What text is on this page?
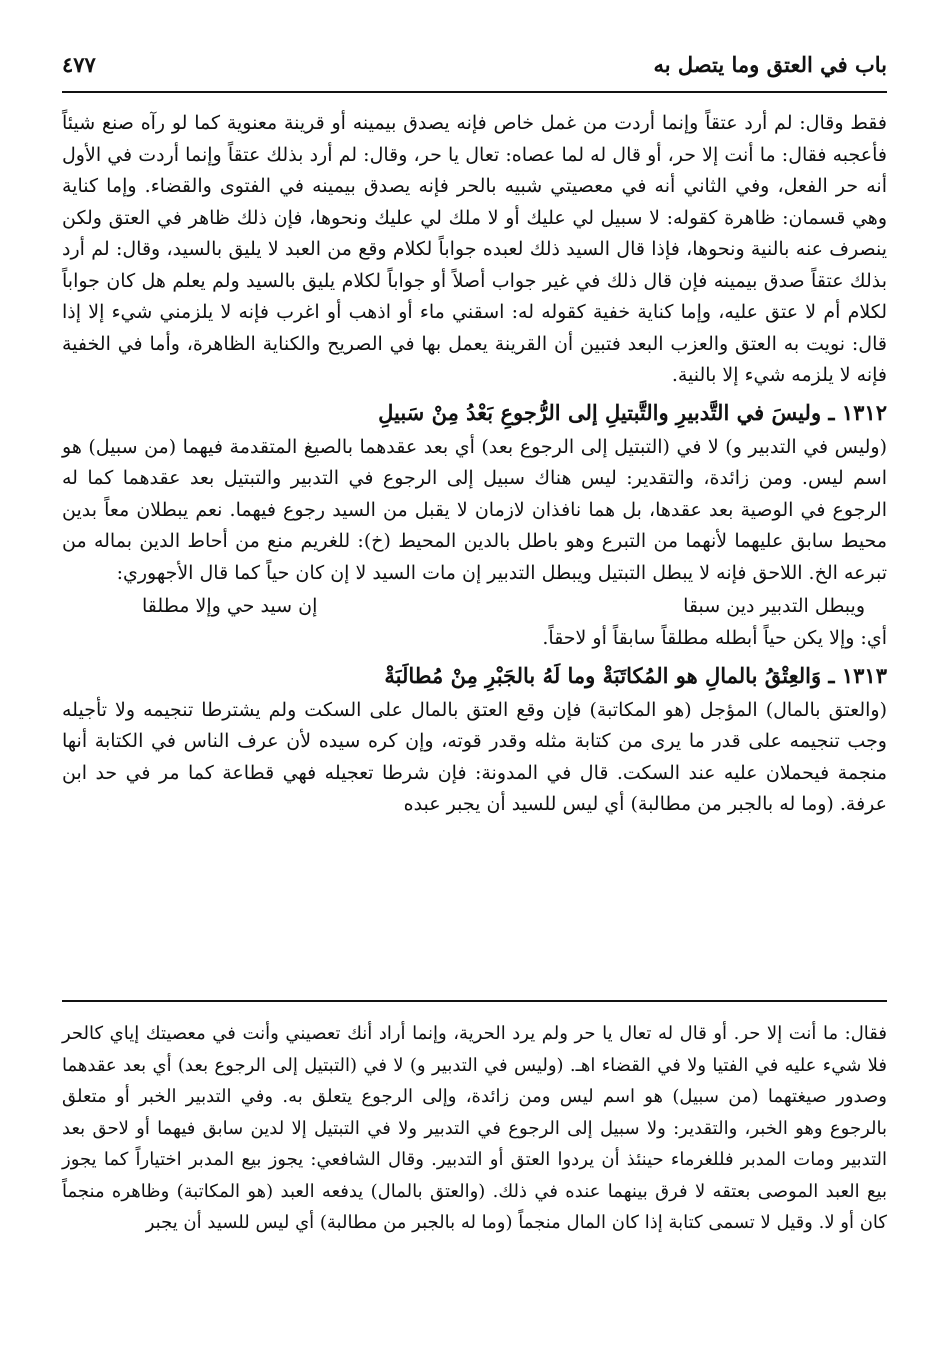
باب في العتق وما يتصل به
٤٧٧

فقط وقال: لم أرد عتقاً وإنما أردت من غمل خاص فإنه يصدق بيمينه أو قرينة معنوية كما لو رآه صنع شيئاً فأعجبه فقال: ما أنت إلا حر، أو قال له لما عصاه: تعال يا حر، وقال: لم أرد بذلك عتقاً وإنما أردت في الأول أنه حر الفعل، وفي الثاني أنه في معصيتي شبيه بالحر فإنه يصدق بيمينه في الفتوى والقضاء. وإما كناية وهي قسمان: ظاهرة كقوله: لا سبيل لي عليك أو لا ملك لي عليك ونحوها، فإن ذلك ظاهر في العتق ولكن ينصرف عنه بالنية ونحوها، فإذا قال السيد ذلك لعبده جواباً لكلام وقع من العبد لا يليق بالسيد، وقال: لم أرد بذلك عتقاً صدق بيمينه فإن قال ذلك في غير جواب أصلاً أو جواباً لكلام يليق بالسيد ولم يعلم هل كان جواباً لكلام أم لا عتق عليه، وإما كناية خفية كقوله له: اسقني ماء أو اذهب أو اغرب فإنه لا يلزمني شيء إلا إذا قال: نويت به العتق والعزب البعد فتبين أن القرينة يعمل بها في الصريح والكناية الظاهرة، وأما في الخفية فإنه لا يلزمه شيء إلا بالنية.

١٣١٢ ـ وليسَ في التَّدبيرِ والتَّبتيلِ إلى الرُّجوعِ بَعْدُ مِنْ سَبيلِ

(وليس في التدبير و) لا في (التبتيل إلى الرجوع بعد) أي بعد عقدهما بالصيغ المتقدمة فيهما (من سبيل) هو اسم ليس. ومن زائدة، والتقدير: ليس هناك سبيل إلى الرجوع في التدبير والتبتيل بعد عقدهما كما له الرجوع في الوصية بعد عقدها، بل هما نافذان لازمان لا يقبل من السيد رجوع فيهما. نعم يبطلان معاً بدين محيط سابق عليهما لأنهما من التبرع وهو باطل بالدين المحيط (خ): للغريم منع من أحاط الدين بماله من تبرعه الخ. اللاحق فإنه لا يبطل التبتيل ويبطل التدبير إن مات السيد لا إن كان حياً كما قال الأجهوري:

ويبطل التدبير دين سبقا
إن سيد حي وإلا مطلقا

أي: وإلا يكن حياً أبطله مطلقاً سابقاً أو لاحقاً.

١٣١٣ ـ وَالعِتْقُ بالمالِ هو المُكاتَبَةْ وما لَهُ بالجَبْرِ مِنْ مُطالَبَةْ

(والعتق بالمال) المؤجل (هو المكاتبة) فإن وقع العتق بالمال على السكت ولم يشترطا تنجيمه ولا تأجيله وجب تنجيمه على قدر ما يرى من كتابة مثله وقدر قوته، وإن كره سيده لأن عرف الناس في الكتابة أنها منجمة فيحملان عليه عند السكت. قال في المدونة: فإن شرطا تعجيله فهي قطاعة كما مر في حد ابن عرفة. (وما له بالجبر من مطالبة) أي ليس للسيد أن يجبر عبده

فقال: ما أنت إلا حر. أو قال له تعال يا حر ولم يرد الحرية، وإنما أراد أنك تعصيني وأنت في معصيتك إياي كالحر فلا شيء عليه في الفتيا ولا في القضاء اهـ. (وليس في التدبير و) لا في (التبتيل إلى الرجوع بعد) أي بعد عقدهما وصدور صيغتهما (من سبيل) هو اسم ليس ومن زائدة، وإلى الرجوع يتعلق به. وفي التدبير الخبر أو متعلق بالرجوع وهو الخبر، والتقدير: ولا سبيل إلى الرجوع في التدبير ولا في التبتيل إلا لدين سابق فيهما أو لاحق بعد التدبير ومات المدبر فللغرماء حينئذ أن يردوا العتق أو التدبير. وقال الشافعي: يجوز بيع المدبر اختياراً كما يجوز بيع العبد الموصى بعتقه لا فرق بينهما عنده في ذلك. (والعتق بالمال) يدفعه العبد (هو المكاتبة) وظاهره منجماً كان أو لا. وقيل لا تسمى كتابة إذا كان المال منجماً (وما له بالجبر من مطالبة) أي ليس للسيد أن يجبر
